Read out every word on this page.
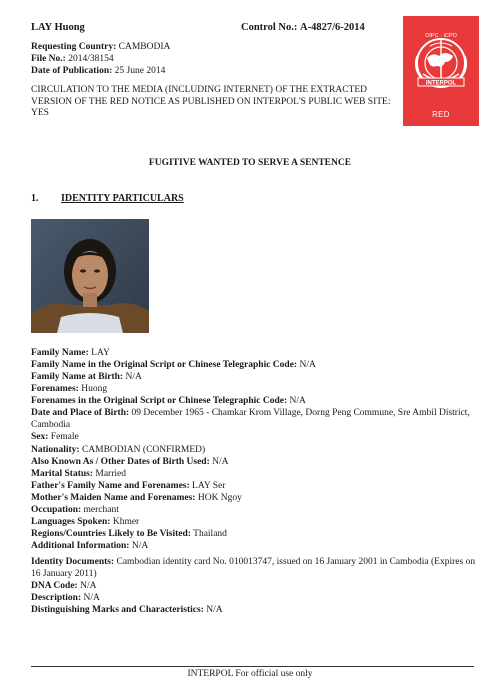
LAY Huong	Control No.: A-4827/6-2014
INTERPOL
OIPC · ICPO
RED
Requesting Country: CAMBODIA
File No.: 2014/38154
Date of Publication: 25 June 2014
CIRCULATION TO THE MEDIA (INCLUDING INTERNET) OF THE EXTRACTED VERSION OF THE RED NOTICE AS PUBLISHED ON INTERPOL'S PUBLIC WEB SITE: YES
FUGITIVE WANTED TO SERVE A SENTENCE
1. IDENTITY PARTICULARS
Family Name: LAY
Family Name in the Original Script or Chinese Telegraphic Code: N/A
Family Name at Birth: N/A
Forenames: Huong
Forenames in the Original Script or Chinese Telegraphic Code: N/A
Date and Place of Birth: 09 December 1965 - Chamkar Krom Village, Dorng Peng Commune, Sre Ambil District, Cambodia
Sex: Female
Nationality: CAMBODIAN (CONFIRMED)
Also Known As / Other Dates of Birth Used: N/A
Marital Status: Married
Father's Family Name and Forenames: LAY Ser
Mother's Maiden Name and Forenames: HOK Ngoy
Occupation: merchant
Languages Spoken: Khmer
Regions/Countries Likely to Be Visited: Thailand
Additional Information: N/A
Identity Documents: Cambodian identity card No. 010013747, issued on 16 January 2001 in Cambodia (Expires on 16 January 2011)
DNA Code: N/A
Description: N/A
Distinguishing Marks and Characteristics: N/A
INTERPOL For official use only
